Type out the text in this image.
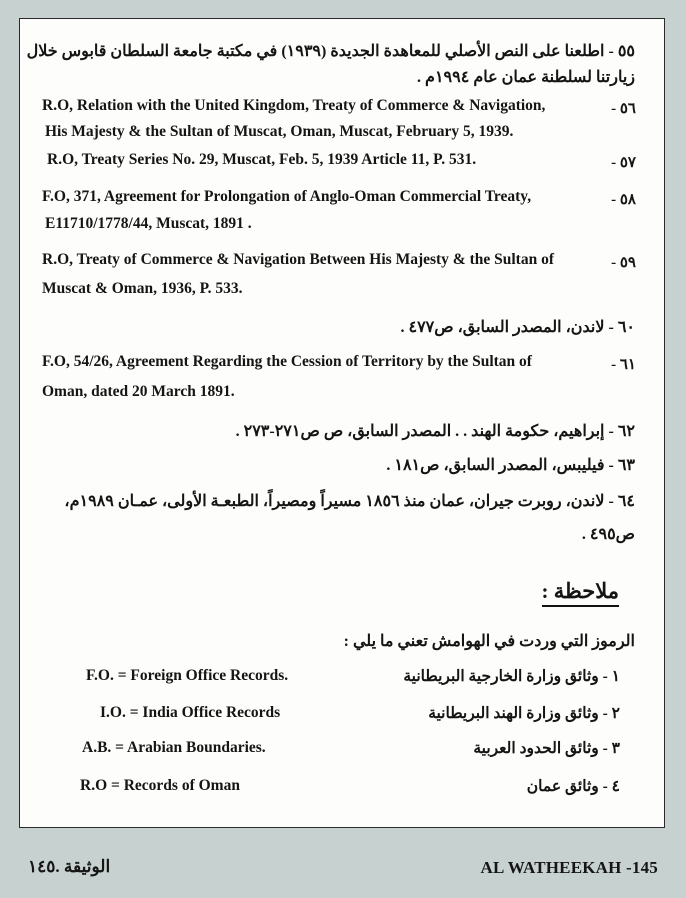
٥٥ - اطلعنا على النص الأصلي للمعاهدة الجديدة (١٩٣٩) في مكتبة جامعة السلطان قابوس خلال
زيارتنا لسلطنة عمان عام ١٩٩٤م .
٥٦ -
R.O, Relation with the United Kingdom, Treaty of Commerce & Navigation,
His Majesty & the Sultan of Muscat, Oman, Muscat, February 5, 1939.
٥٧ -
R.O, Treaty Series No. 29, Muscat, Feb. 5, 1939 Article 11, P. 531.
٥٨ -
F.O, 371, Agreement for Prolongation of Anglo-Oman Commercial Treaty,
E11710/1778/44, Muscat, 1891 .
٥٩ -
R.O, Treaty of Commerce & Navigation Between His Majesty & the Sultan of
Muscat & Oman, 1936, P. 533.
٦٠ - لاندن، المصدر السابق، ص٤٧٧ .
٦١ -
F.O, 54/26, Agreement Regarding the Cession of Territory by the Sultan of
Oman, dated 20 March 1891.
٦٢ - إبراهيم، حكومة الهند . . المصدر السابق، ص ص٢٧١-٢٧٣ .
٦٣ - فيليبس، المصدر السابق، ص١٨١ .
٦٤ - لاندن، روبرت جيران، عمان منذ ١٨٥٦ مسيراً ومصيراً، الطبعـة الأولى، عمـان ١٩٨٩م،
ص٤٩٥ .
ملاحظة :
الرموز التي وردت في الهوامش تعني ما يلي :
١ - وثائق وزارة الخارجية البريطانية
F.O. = Foreign Office Records.
٢ - وثائق وزارة الهند البريطانية
I.O. = India Office Records
٣ - وثائق الحدود العربية
A.B. = Arabian Boundaries.
٤ - وثائق عمان
R.O = Records of Oman
الوثيقة .١٤٥	AL WATHEEKAH -145
